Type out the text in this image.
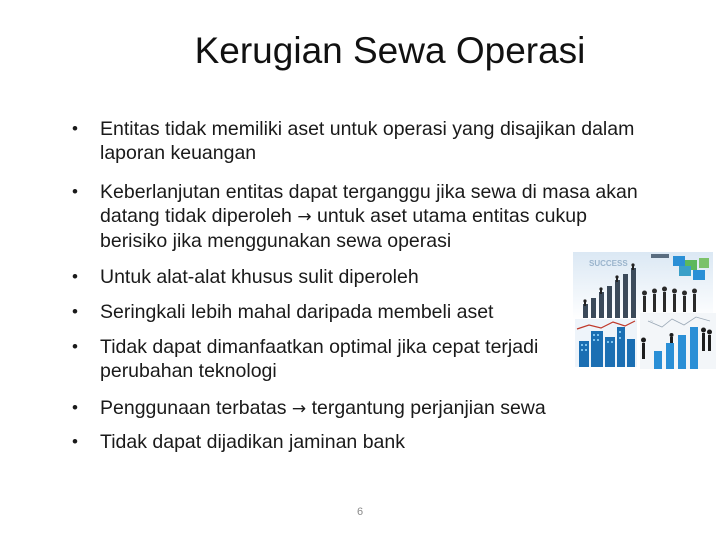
Kerugian Sewa Operasi
• Entitas tidak memiliki aset untuk operasi yang disajikan dalam laporan keuangan
• Keberlanjutan entitas dapat terganggu jika sewa di masa akan datang tidak diperoleh → untuk aset utama entitas cukup berisiko jika menggunakan sewa operasi
• Untuk alat-alat khusus sulit diperoleh
• Seringkali lebih mahal daripada membeli aset
• Tidak dapat dimanfaatkan optimal jika cepat terjadi perubahan teknologi
• Penggunaan terbatas → tergantung perjanjian sewa
• Tidak dapat dijadikan jaminan bank
SUCCESS
~
6
